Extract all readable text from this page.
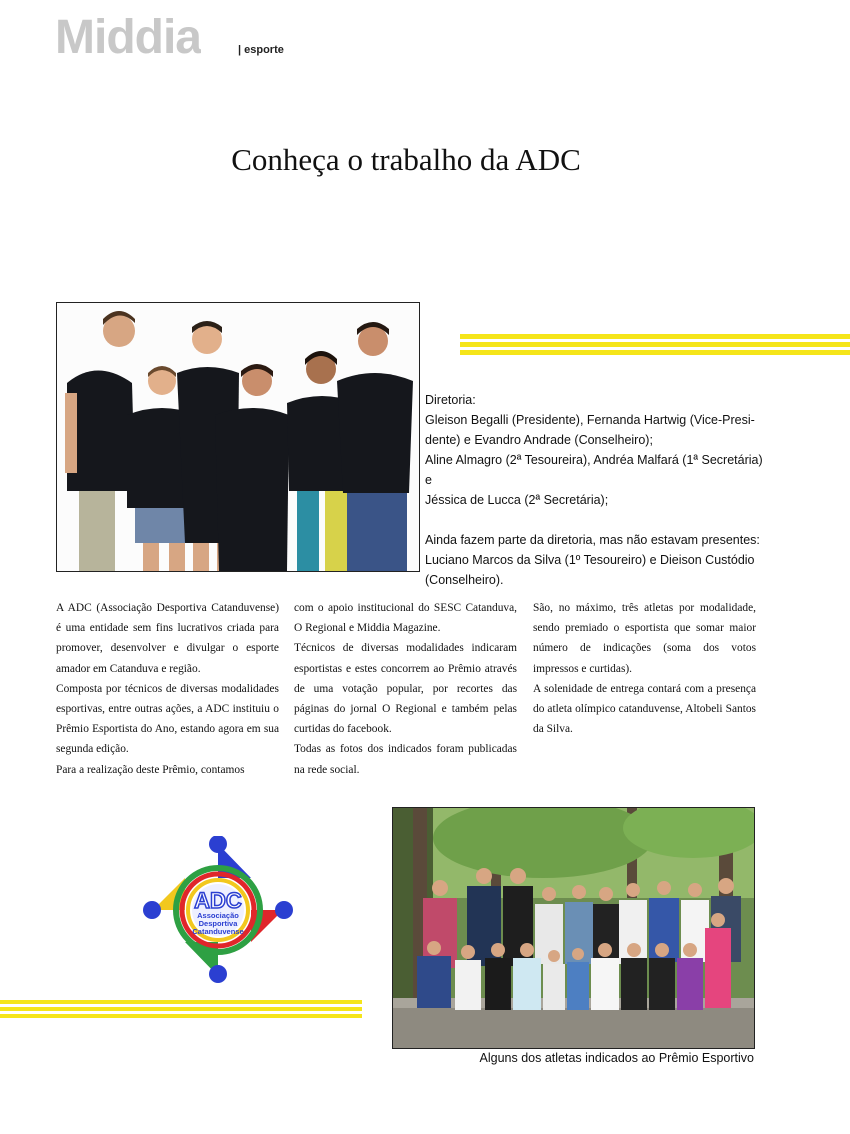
Middia	| esporte
Conheça o trabalho da ADC

Diretoria:

Gleison Begalli (Presidente), Fernanda Hartwig (Vice-Presi-

dente) e Evandro Andrade (Conselheiro);

Aline Almagro (2ª Tesoureira), Andréa Malfará (1ª Secretária) e

Jéssica de Lucca (2ª Secretária);

Ainda fazem parte da diretoria, mas não estavam presentes:

Luciano Marcos da Silva (1º Tesoureiro) e Dieison Custódio

(Conselheiro).

A ADC (Associação Desportiva Catanduvense) é uma entidade sem fins lucrativos criada para promover, desenvolver e divulgar o esporte amador em Catanduva e região.

Composta por técnicos de diversas modalidades esportivas, entre outras ações, a ADC instituiu o Prêmio Esportista do Ano, estando agora em sua segunda edição.

Para a realização deste Prêmio, contamos

com o apoio institucional do SESC Catanduva, O Regional e Middia Magazine.

Técnicos de diversas modalidades indicaram esportistas e estes concorrem ao Prêmio através de uma votação popular, por recortes das páginas do jornal O Regional e também pelas curtidas do facebook.

Todas as fotos dos indicados foram publicadas na rede social.

São, no máximo, três atletas por modalidade, sendo premiado o esportista que somar maior número de indicações (soma dos votos impressos e curtidas).

A solenidade de entrega contará com a presença do atleta olímpico catanduvense, Altobeli Santos da Silva.

ADC
Associação
Desportiva
Catanduvense
Alguns dos atletas indicados ao Prêmio Esportivo
